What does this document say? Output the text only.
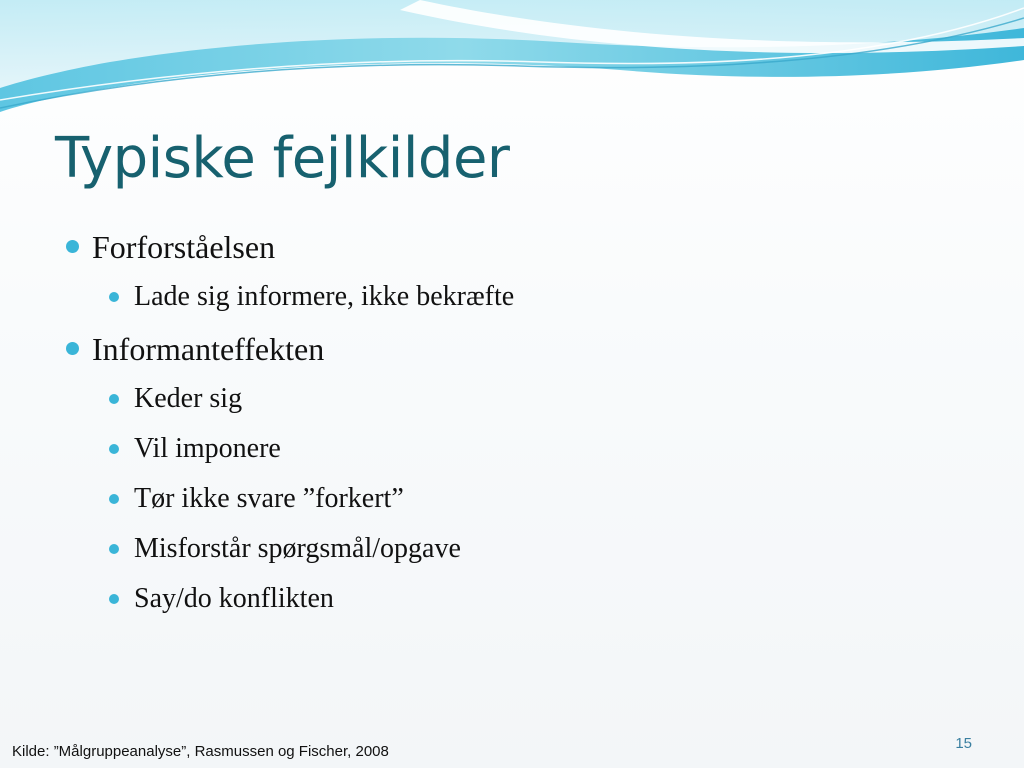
Typiske fejlkilder
Forforståelsen
Lade sig informere, ikke bekræfte
Informanteffekten
Keder sig
Vil imponere
Tør ikke svare ”forkert”
Misforstår spørgsmål/opgave
Say/do konflikten
Kilde: ”Målgruppeanalyse”, Rasmussen og Fischer, 2008	15
